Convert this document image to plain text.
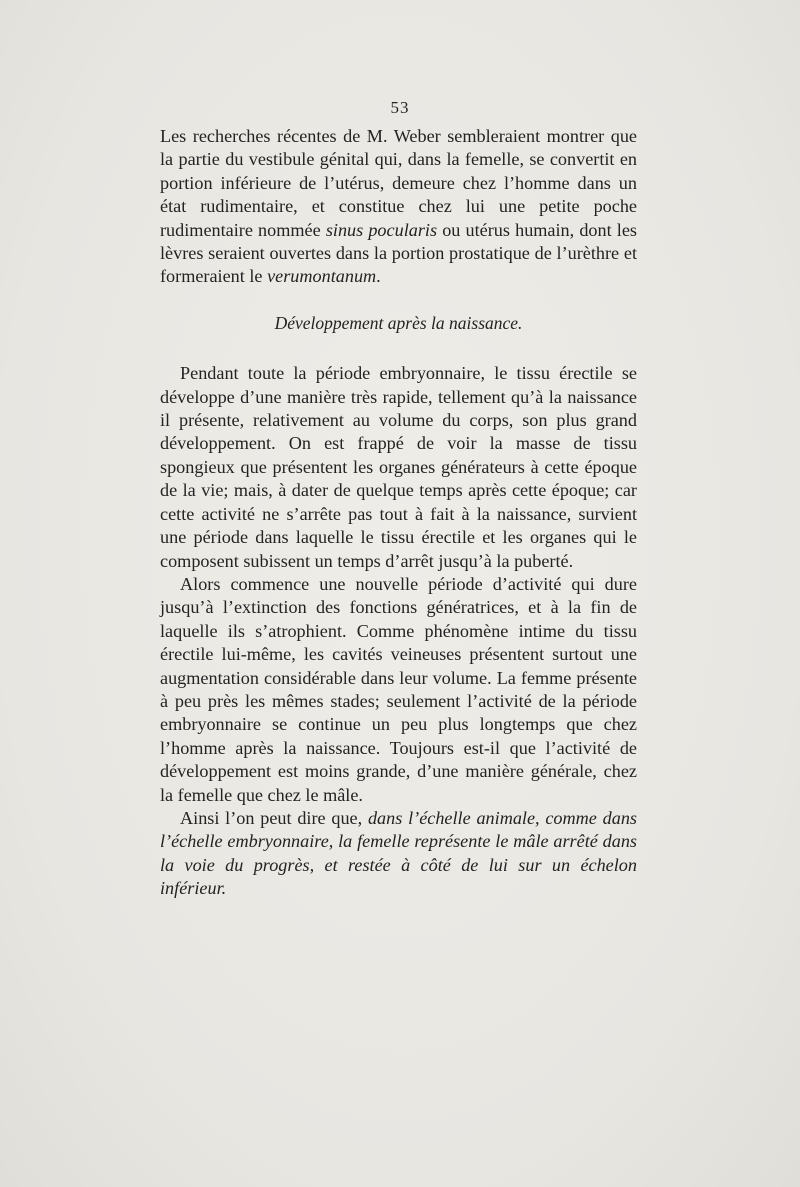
53

Les recherches récentes de M. Weber sembleraient montrer que la partie du vestibule génital qui, dans la femelle, se convertit en portion inférieure de l’utérus, demeure chez l’homme dans un état rudimentaire, et constitue chez lui une petite poche rudimentaire nommée sinus pocularis ou utérus humain, dont les lèvres seraient ouvertes dans la portion prostatique de l’urèthre et formeraient le verumontanum.

Développement après la naissance.

Pendant toute la période embryonnaire, le tissu érectile se développe d’une manière très rapide, tellement qu’à la naissance il présente, relativement au volume du corps, son plus grand développement. On est frappé de voir la masse de tissu spongieux que présentent les organes générateurs à cette époque de la vie; mais, à dater de quelque temps après cette époque; car cette activité ne s’arrête pas tout à fait à la naissance, survient une période dans laquelle le tissu érectile et les organes qui le composent subissent un temps d’arrêt jusqu’à la puberté.

Alors commence une nouvelle période d’activité qui dure jusqu’à l’extinction des fonctions génératrices, et à la fin de laquelle ils s’atrophient. Comme phénomène intime du tissu érectile lui-même, les cavités veineuses présentent surtout une augmentation considérable dans leur volume. La femme présente à peu près les mêmes stades; seulement l’activité de la période embryonnaire se continue un peu plus longtemps que chez l’homme après la naissance. Toujours est-il que l’activité de développement est moins grande, d’une manière générale, chez la femelle que chez le mâle.

Ainsi l’on peut dire que, dans l’échelle animale, comme dans l’échelle embryonnaire, la femelle représente le mâle arrêté dans la voie du progrès, et restée à côté de lui sur un échelon inférieur.
